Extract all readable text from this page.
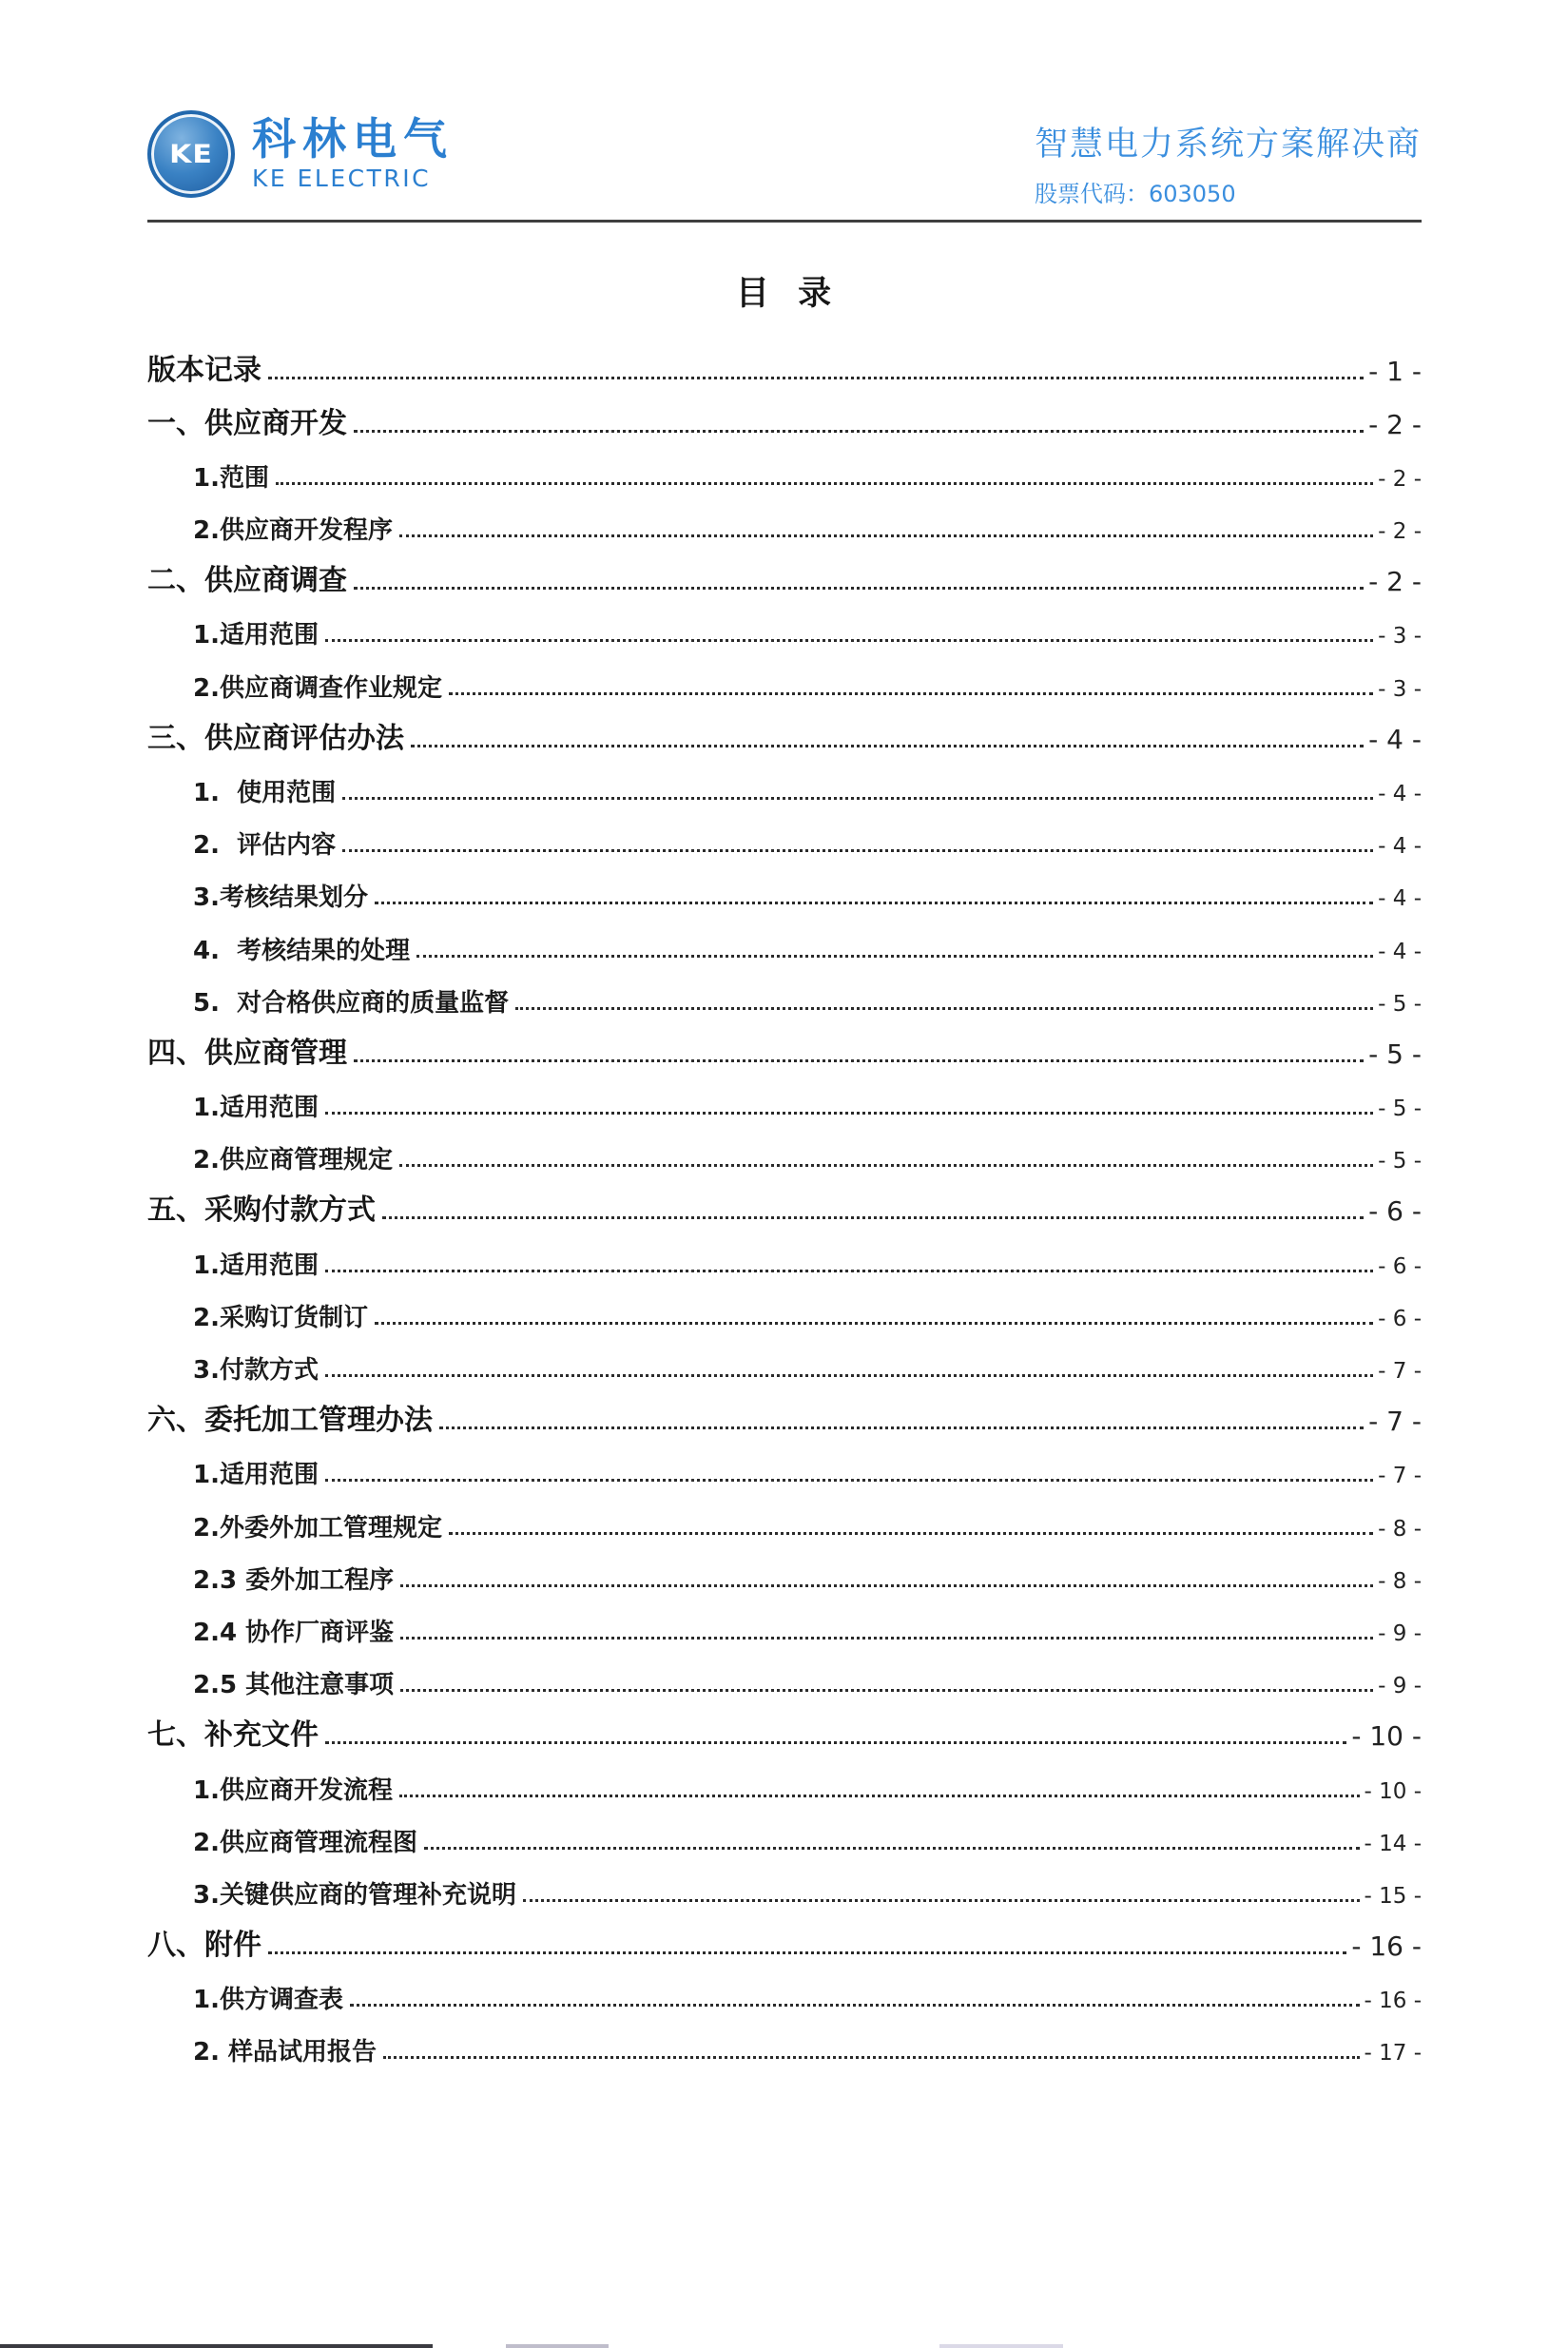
KE 科林电气
KE ELECTRIC
智慧电力系统方案解决商
股票代码：603050
目  录
版本记录	- 1 -
一、供应商开发	- 2 -
1.范围	- 2 -
2.供应商开发程序	- 2 -
二、供应商调查	- 2 -
1.适用范围	- 3 -
2.供应商调查作业规定	- 3 -
三、供应商评估办法	- 4 -
1.  使用范围	- 4 -
2.  评估内容	- 4 -
3.考核结果划分	- 4 -
4.  考核结果的处理	- 4 -
5.  对合格供应商的质量监督	- 5 -
四、供应商管理	- 5 -
1.适用范围	- 5 -
2.供应商管理规定	- 5 -
五、采购付款方式	- 6 -
1.适用范围	- 6 -
2.采购订货制订	- 6 -
3.付款方式	- 7 -
六、委托加工管理办法	- 7 -
1.适用范围	- 7 -
2.外委外加工管理规定	- 8 -
2.3 委外加工程序	- 8 -
2.4 协作厂商评鉴	- 9 -
2.5 其他注意事项	- 9 -
七、补充文件	- 10 -
1.供应商开发流程	- 10 -
2.供应商管理流程图	- 14 -
3.关键供应商的管理补充说明	- 15 -
八、附件	- 16 -
1.供方调查表	- 16 -
2. 样品试用报告	- 17 -
